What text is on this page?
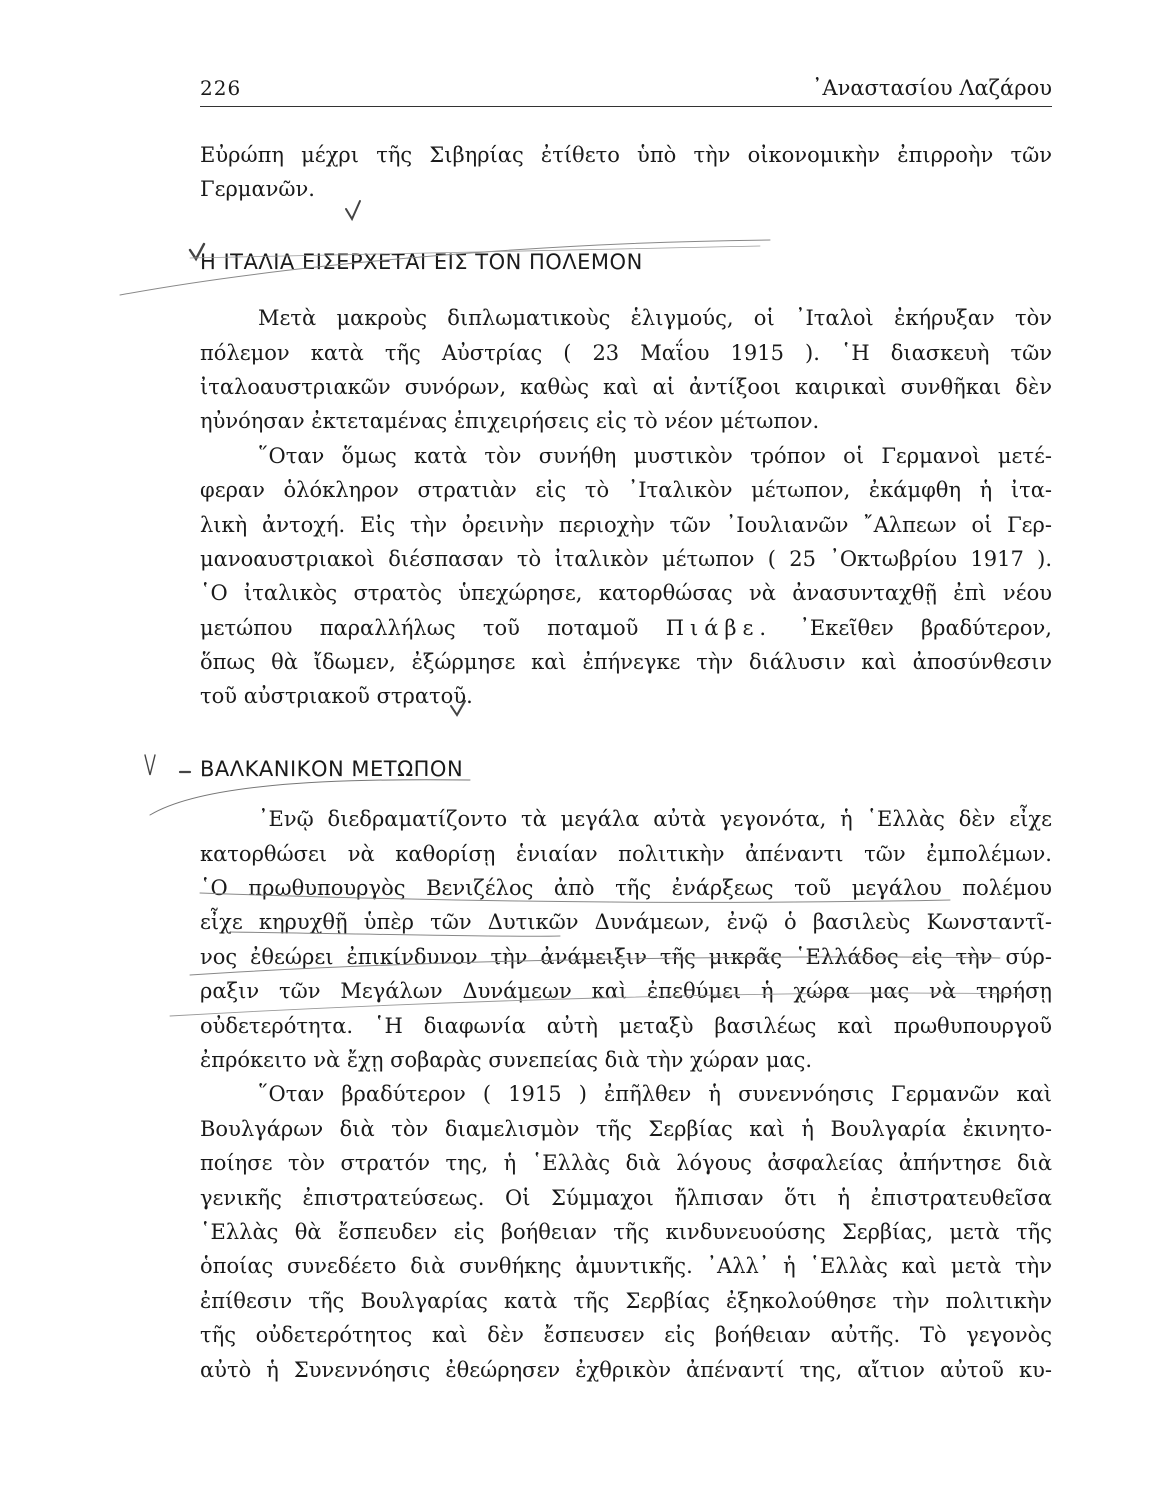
226	᾿Αναστασίου Λαζάρου
Εὐρώπη μέχρι τῆς Σιβηρίας ἐτίθετο ὑπὸ τὴν οἰκονομικὴν ἐπιρροὴν τῶν
Γερμανῶν.
Η ΙΤΑΛΙΑ ΕΙΣΕΡΧΕΤΑΙ ΕΙΣ ΤΟΝ ΠΟΛΕΜΟΝ
Μετὰ μακροὺς διπλωματικοὺς ἑλιγμούς, οἱ ᾿Ιταλοὶ ἐκήρυξαν τὸν
πόλεμον κατὰ τῆς Αὐστρίας ( 23 Μαΐου 1915 ). ῾Η διασκευὴ τῶν
ἰταλοαυστριακῶν συνόρων, καθὼς καὶ αἱ ἀντίξοοι καιρικαὶ συνθῆκαι δὲν
ηὐνόησαν ἐκτεταμένας ἐπιχειρήσεις εἰς τὸ νέον μέτωπον.
῞Οταν ὅμως κατὰ τὸν συνήθη μυστικὸν τρόπον οἱ Γερμανοὶ μετέ-
φεραν ὁλόκληρον στρατιὰν εἰς τὸ ᾿Ιταλικὸν μέτωπον, ἐκάμφθη ἡ ἰτα-
λικὴ ἀντοχή. Εἰς τὴν ὀρεινὴν περιοχὴν τῶν ᾿Ιουλιανῶν ῎Αλπεων οἱ Γερ-
μανοαυστριακοὶ διέσπασαν τὸ ἰταλικὸν μέτωπον ( 25 ᾿Οκτωβρίου 1917 ).
῾Ο ἰταλικὸς στρατὸς ὑπεχώρησε, κατορθώσας νὰ ἀνασυνταχθῇ ἐπὶ νέου
μετώπου παραλλήλως τοῦ ποταμοῦ Πιάβε. ᾿Εκεῖθεν βραδύτερον,
ὅπως θὰ ἴδωμεν, ἐξώρμησε καὶ ἐπήνεγκε τὴν διάλυσιν καὶ ἀποσύνθεσιν
τοῦ αὐστριακοῦ στρατοῦ.
ΒΑΛΚΑΝΙΚΟΝ ΜΕΤΩΠΟΝ
᾿Ενῷ διεδραματίζοντο τὰ μεγάλα αὐτὰ γεγονότα, ἡ ῾Ελλὰς δὲν εἶχε
κατορθώσει νὰ καθορίσῃ ἑνιαίαν πολιτικὴν ἀπέναντι τῶν ἐμπολέμων.
῾Ο πρωθυπουργὸς Βενιζέλος ἀπὸ τῆς ἐνάρξεως τοῦ μεγάλου πολέμου
εἶχε κηρυχθῇ ὑπὲρ τῶν Δυτικῶν Δυνάμεων, ἐνῷ ὁ βασιλεὺς Κωνσταντῖ-
νος ἐθεώρει ἐπικίνδυνον τὴν ἀνάμειξιν τῆς μικρᾶς ῾Ελλάδος εἰς τὴν σύρ-
ραξιν τῶν Μεγάλων Δυνάμεων καὶ ἐπεθύμει ἡ χώρα μας νὰ τηρήσῃ
οὐδετερότητα. ῾Η διαφωνία αὐτὴ μεταξὺ βασιλέως καὶ πρωθυπουργοῦ
ἐπρόκειτο νὰ ἔχῃ σοβαρὰς συνεπείας διὰ τὴν χώραν μας.
῞Οταν βραδύτερον ( 1915 ) ἐπῆλθεν ἡ συνεννόησις Γερμανῶν καὶ
Βουλγάρων διὰ τὸν διαμελισμὸν τῆς Σερβίας καὶ ἡ Βουλγαρία ἐκινητο-
ποίησε τὸν στρατόν της, ἡ ῾Ελλὰς διὰ λόγους ἀσφαλείας ἀπήντησε διὰ
γενικῆς ἐπιστρατεύσεως. Οἱ Σύμμαχοι ἤλπισαν ὅτι ἡ ἐπιστρατευθεῖσα
῾Ελλὰς θὰ ἔσπευδεν εἰς βοήθειαν τῆς κινδυνευούσης Σερβίας, μετὰ τῆς
ὁποίας συνεδέετο διὰ συνθήκης ἀμυντικῆς. ᾿Αλλ᾿ ἡ ῾Ελλὰς καὶ μετὰ τὴν
ἐπίθεσιν τῆς Βουλγαρίας κατὰ τῆς Σερβίας ἐξηκολούθησε τὴν πολιτικὴν
τῆς οὐδετερότητος καὶ δὲν ἔσπευσεν εἰς βοήθειαν αὐτῆς. Τὸ γεγονὸς
αὐτὸ ἡ Συνεννόησις ἐθεώρησεν ἐχθρικὸν ἀπέναντί της, αἴτιον αὐτοῦ κυ-
